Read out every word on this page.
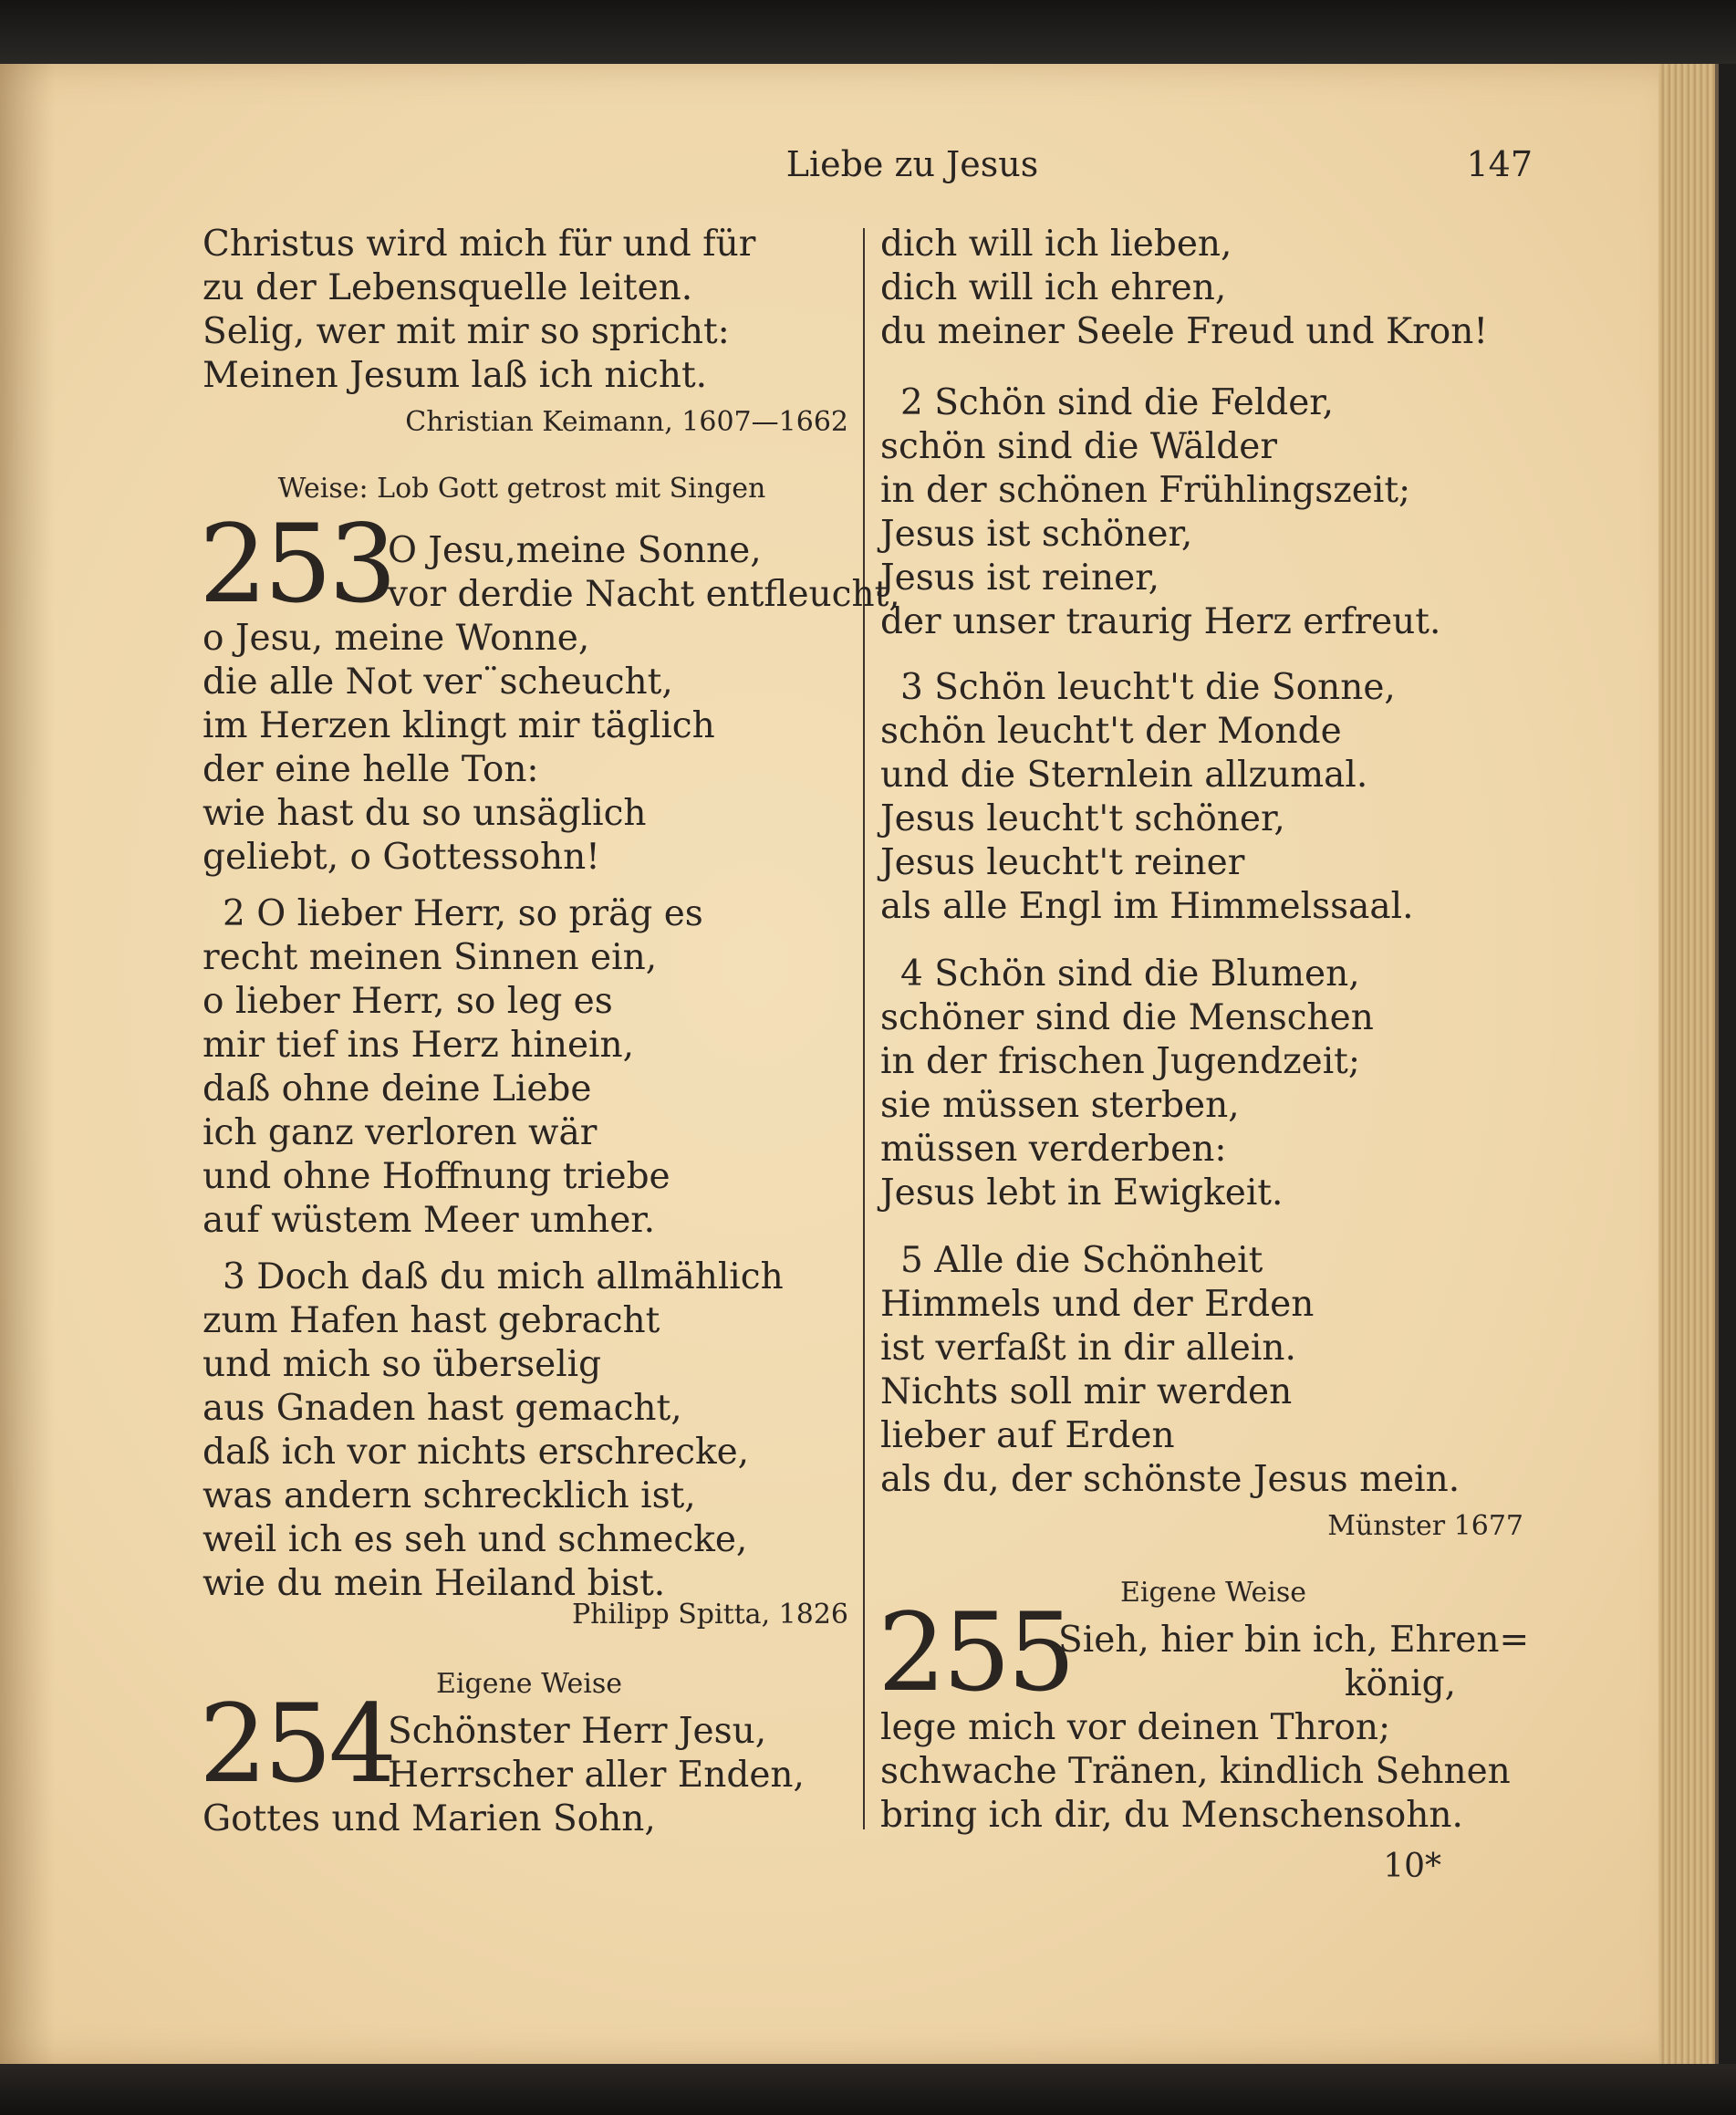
Liebe zu Jesus	147
Christus wird mich für und für
zu der Lebensquelle leiten.
Selig, wer mit mir so spricht:
Meinen Jesum laß ich nicht.
Christian Keimann, 1607—1662
Weise: Lob Gott getrost mit Singen
253
O Jesu,meine Sonne,
vor derdie Nacht entfleucht,
o Jesu, meine Wonne,
die alle Not ver¨scheucht,
im Herzen klingt mir täglich
der eine helle Ton:
wie hast du so unsäglich
geliebt, o Gottessohn!
2 O lieber Herr, so präg es
recht meinen Sinnen ein,
o lieber Herr, so leg es
mir tief ins Herz hinein,
daß ohne deine Liebe
ich ganz verloren wär
und ohne Hoffnung triebe
auf wüstem Meer umher.
3 Doch daß du mich allmählich
zum Hafen hast gebracht
und mich so überselig
aus Gnaden hast gemacht,
daß ich vor nichts erschrecke,
was andern schrecklich ist,
weil ich es seh und schmecke,
wie du mein Heiland bist.
Philipp Spitta, 1826
Eigene Weise
254
Schönster Herr Jesu,
Herrscher aller Enden,
Gottes und Marien Sohn,
dich will ich lieben,
dich will ich ehren,
du meiner Seele Freud und Kron!
2 Schön sind die Felder,
schön sind die Wälder
in der schönen Frühlingszeit;
Jesus ist schöner,
Jesus ist reiner,
der unser traurig Herz erfreut.
3 Schön leucht't die Sonne,
schön leucht't der Monde
und die Sternlein allzumal.
Jesus leucht't schöner,
Jesus leucht't reiner
als alle Engl im Himmelssaal.
4 Schön sind die Blumen,
schöner sind die Menschen
in der frischen Jugendzeit;
sie müssen sterben,
müssen verderben:
Jesus lebt in Ewigkeit.
5 Alle die Schönheit
Himmels und der Erden
ist verfaßt in dir allein.
Nichts soll mir werden
lieber auf Erden
als du, der schönste Jesus mein.
Münster 1677
Eigene Weise
255
Sieh, hier bin ich, Ehren=
könig,
lege mich vor deinen Thron;
schwache Tränen, kindlich Sehnen
bring ich dir, du Menschensohn.
10*
